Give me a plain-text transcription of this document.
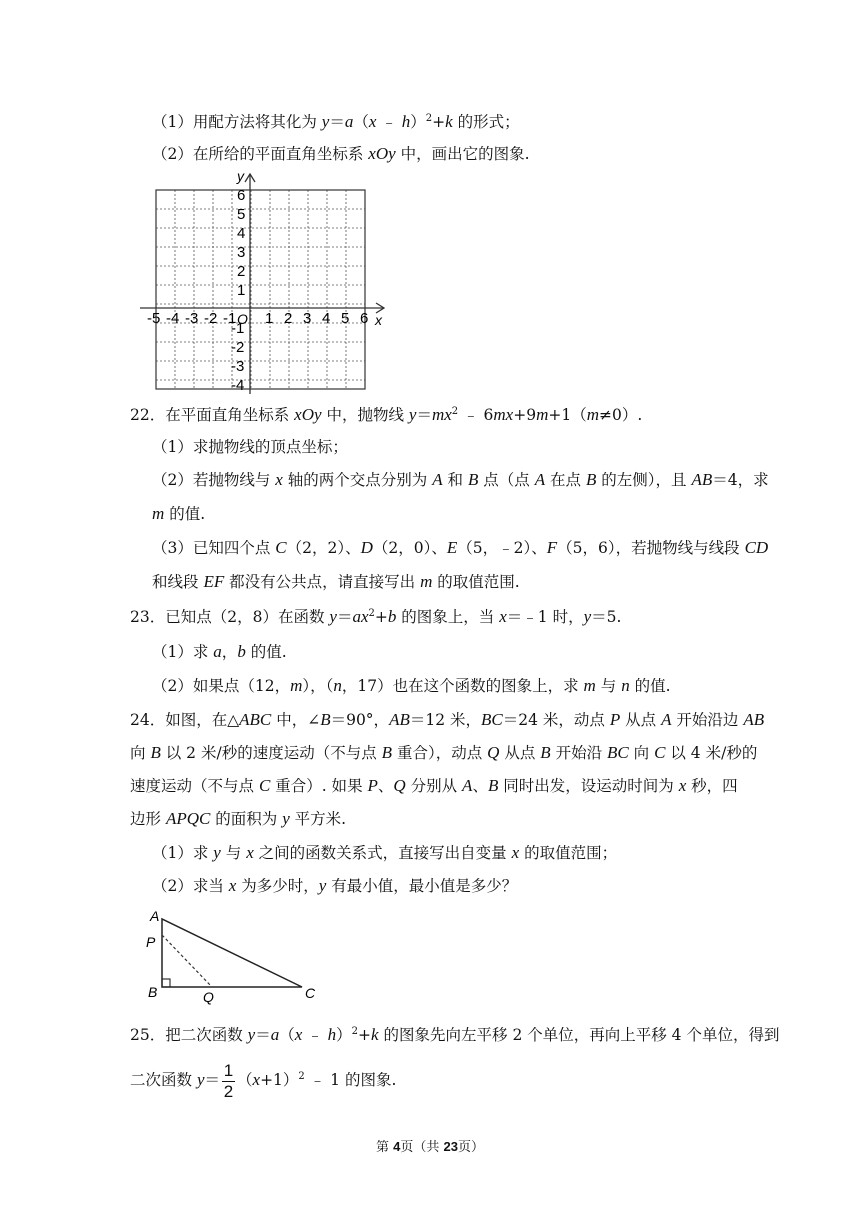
（1）用配方法将其化为 y＝a（x ﹣ h）$^2$+k 的形式；
（2）在所给的平面直角坐标系 xOy 中，画出它的图象.
y
x
O
-5 -4 -3 -2 -1 1 2 3 4 5 6
6
5
4
3
2
1
-1
-2
-3
-4
22．在平面直角坐标系 xOy 中，抛物线 $y=mx^2$ ﹣ 6mx+9m+1（m≠0）.
（1）求抛物线的顶点坐标；
（2）若抛物线与 x 轴的两个交点分别为 A 和 B 点（点 A 在点 B 的左侧），且 AB＝4，求
m 的值.
（3）已知四个点 C（2，2）、D（2，0）、E（5，﹣2）、F（5，6），若抛物线与线段 CD
和线段 EF 都没有公共点，请直接写出 m 的取值范围.
23．已知点（2，8）在函数 $y=ax^2+b$ 的图象上，当 x＝﹣1 时，y＝5.
（1）求 a，b 的值.
（2）如果点（12，m），（n，17）也在这个函数的图象上，求 m 与 n 的值.
24．如图，在△ABC 中，∠B＝90°，AB＝12 米，BC＝24 米，动点 P 从点 A 开始沿边 AB
向 B 以 2 米/秒的速度运动（不与点 B 重合），动点 Q 从点 B 开始沿 BC 向 C 以 4 米/秒的
速度运动（不与点 C 重合）. 如果 P、Q 分别从 A、B 同时出发，设运动时间为 x 秒，四
边形 APQC 的面积为 y 平方米.
（1）求 y 与 x 之间的函数关系式，直接写出自变量 x 的取值范围；
（2）求当 x 为多少时，y 有最小值，最小值是多少？
A
P
B	Q	C
25．把二次函数 y＝a（x ﹣ h）$^2$+k 的图象先向左平移 2 个单位，再向上平移 4 个单位，得到
二次函数 $y= \frac{1}{2} (x+1)^2$ ﹣ 1 的图象.
第 4页（共 23页）
